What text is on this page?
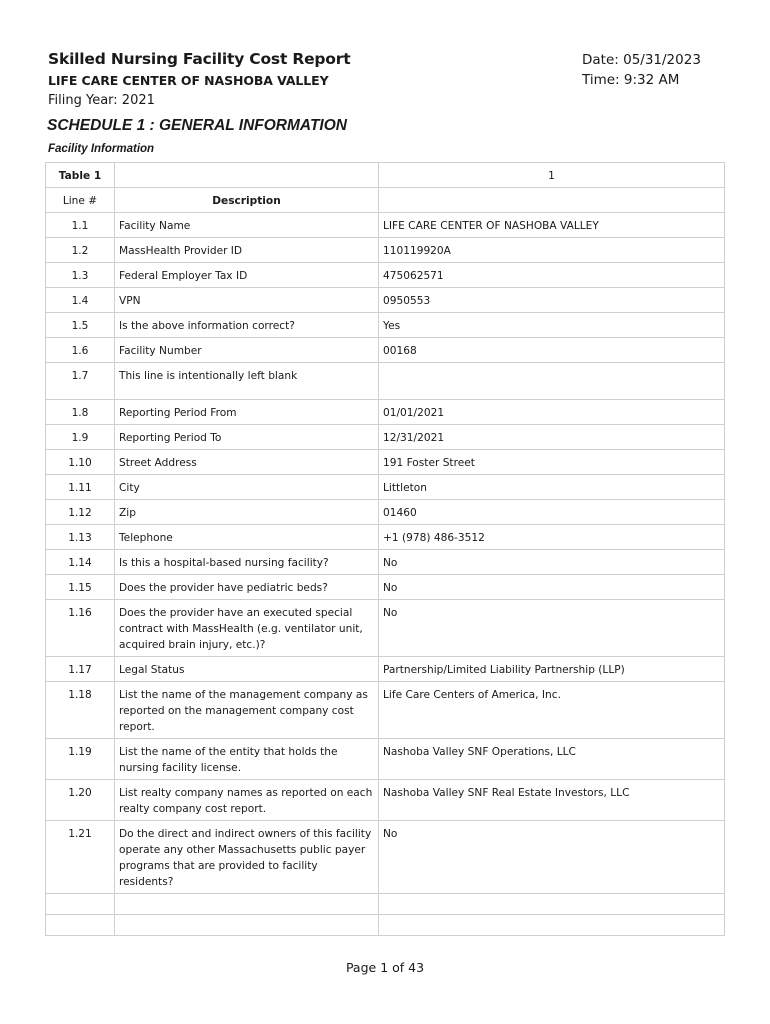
Skilled Nursing Facility Cost Report
LIFE CARE CENTER OF NASHOBA VALLEY
Filing Year: 2021
Date: 05/31/2023
Time: 9:32 AM
SCHEDULE 1 : GENERAL INFORMATION
Facility Information
Table 1		1
Line #	Description	
1.1	Facility Name	LIFE CARE CENTER OF NASHOBA VALLEY
1.2	MassHealth Provider ID	110119920A
1.3	Federal Employer Tax ID	475062571
1.4	VPN	0950553
1.5	Is the above information correct?	Yes
1.6	Facility Number	00168
1.7	This line is intentionally left blank	
1.8	Reporting Period From	01/01/2021
1.9	Reporting Period To	12/31/2021
1.10	Street Address	191 Foster Street
1.11	City	Littleton
1.12	Zip	01460
1.13	Telephone	+1 (978) 486-3512
1.14	Is this a hospital-based nursing facility?	No
1.15	Does the provider have pediatric beds?	No
1.16	Does the provider have an executed special contract with MassHealth (e.g. ventilator unit, acquired brain injury, etc.)?	No
1.17	Legal Status	Partnership/Limited Liability Partnership (LLP)
1.18	List the name of the management company as reported on the management company cost report.	Life Care Centers of America, Inc.
1.19	List the name of the entity that holds the nursing facility license.	Nashoba Valley SNF Operations, LLC
1.20	List realty company names as reported on each realty company cost report.	Nashoba Valley SNF Real Estate Investors, LLC
1.21	Do the direct and indirect owners of this facility operate any other Massachusetts public payer programs that are provided to facility residents?	No

Page 1 of 43
